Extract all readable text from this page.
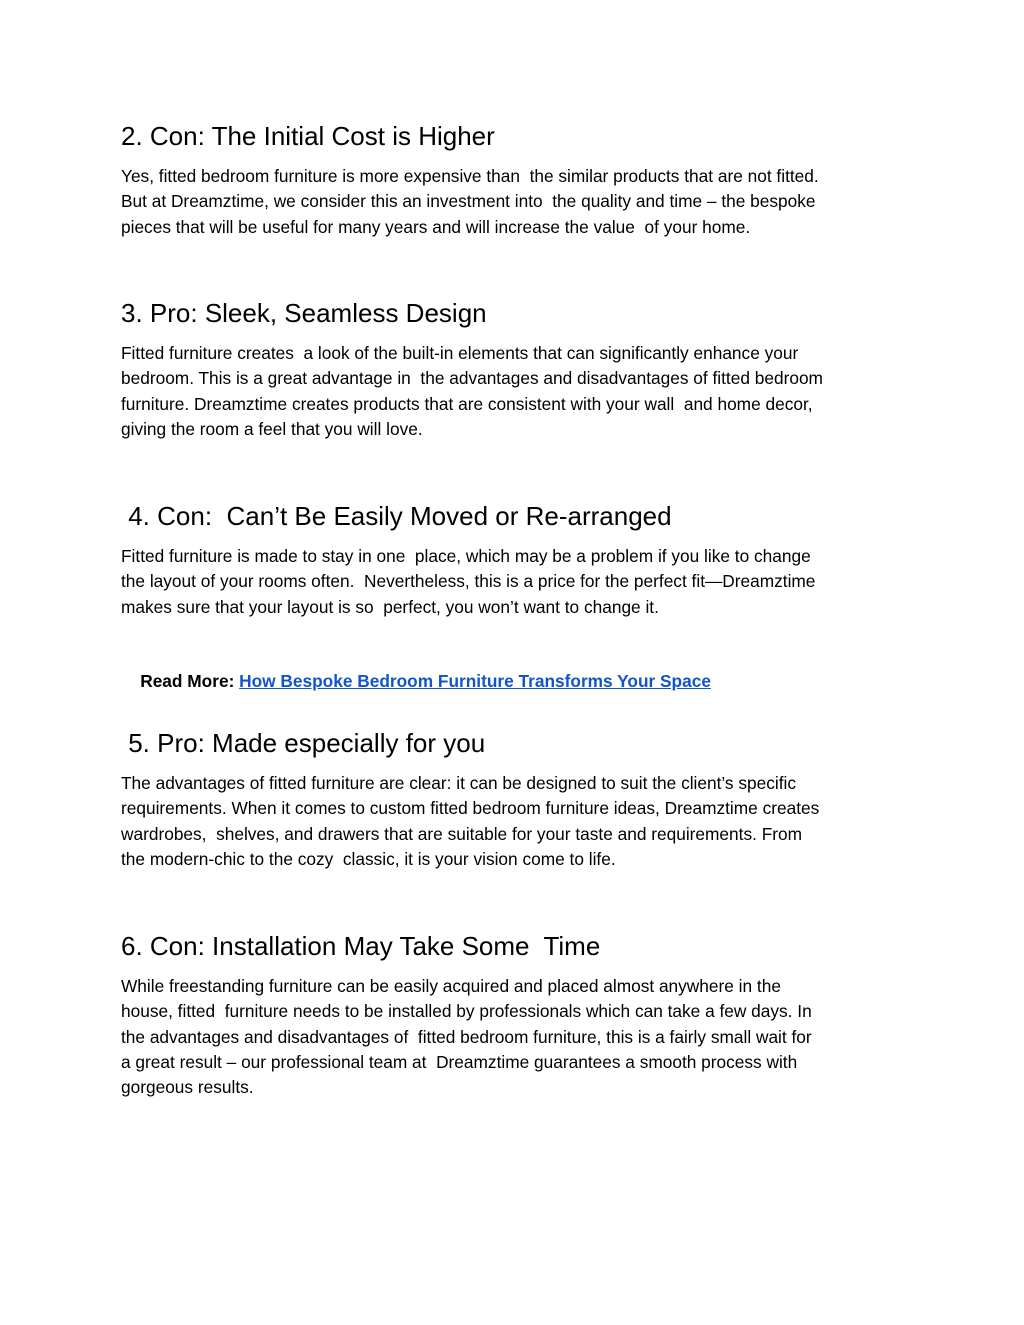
2. Con: The Initial Cost is Higher

Yes, fitted bedroom furniture is more expensive than  the similar products that are not fitted.
But at Dreamztime, we consider this an investment into  the quality and time – the bespoke
pieces that will be useful for many years and will increase the value  of your home.

3. Pro: Sleek, Seamless Design

Fitted furniture creates  a look of the built-in elements that can significantly enhance your
bedroom. This is a great advantage in  the advantages and disadvantages of fitted bedroom
furniture. Dreamztime creates products that are consistent with your wall  and home decor,
giving the room a feel that you will love.

4. Con:  Can’t Be Easily Moved or Re-arranged

Fitted furniture is made to stay in one  place, which may be a problem if you like to change
the layout of your rooms often.  Nevertheless, this is a price for the perfect fit—Dreamztime
makes sure that your layout is so  perfect, you won’t want to change it.

Read More: How Bespoke Bedroom Furniture Transforms Your Space

5. Pro: Made especially for you

The advantages of fitted furniture are clear: it can be designed to suit the client’s specific
requirements. When it comes to custom fitted bedroom furniture ideas, Dreamztime creates
wardrobes,  shelves, and drawers that are suitable for your taste and requirements. From
the modern-chic to the cozy  classic, it is your vision come to life.

6. Con: Installation May Take Some  Time

While freestanding furniture can be easily acquired and placed almost anywhere in the
house, fitted  furniture needs to be installed by professionals which can take a few days. In
the advantages and disadvantages of  fitted bedroom furniture, this is a fairly small wait for
a great result – our professional team at  Dreamztime guarantees a smooth process with
gorgeous results.
